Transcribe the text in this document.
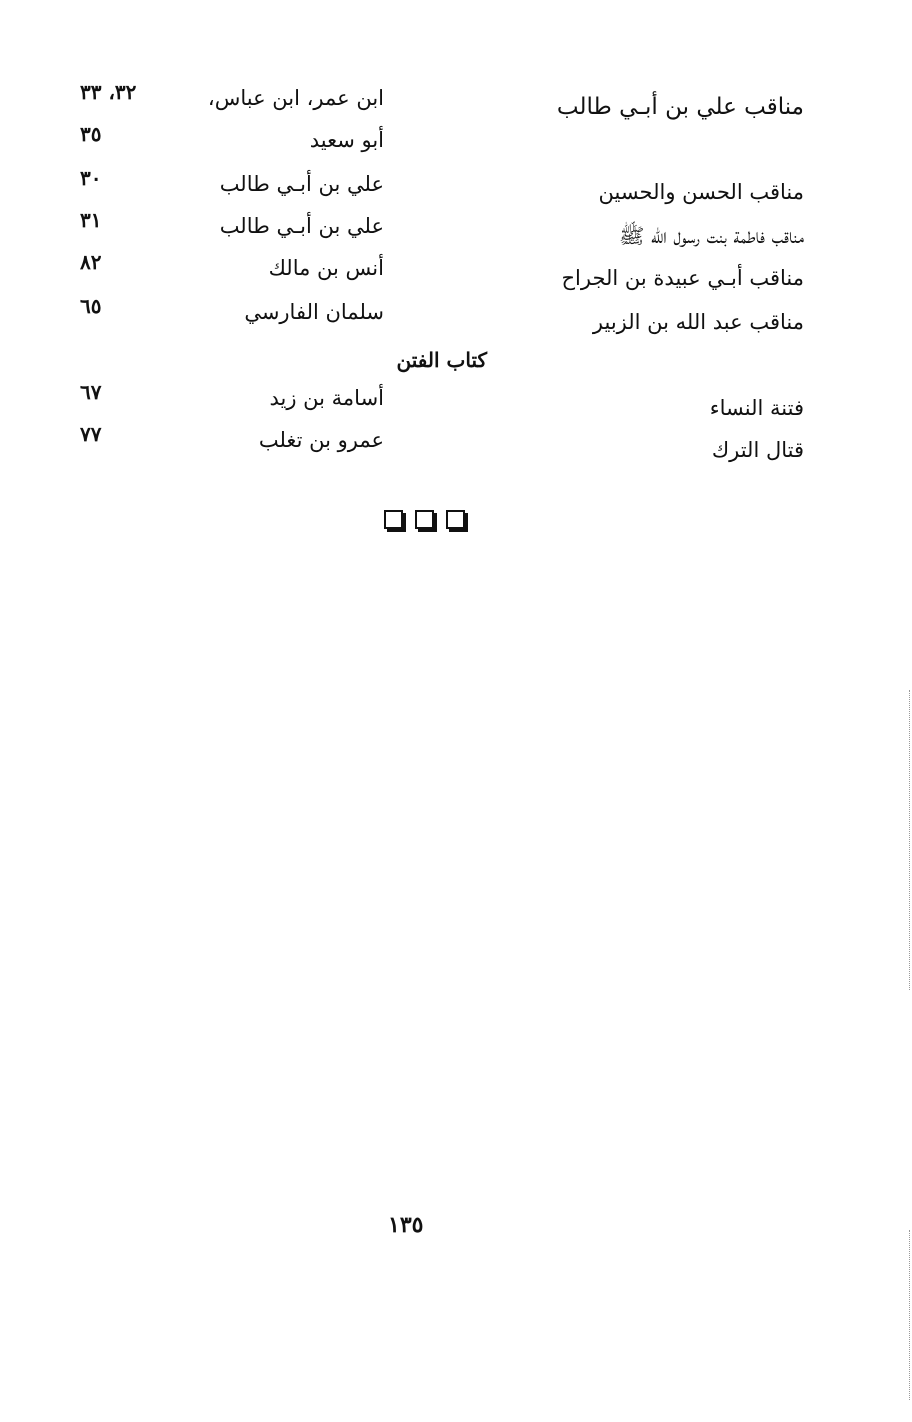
ابن عمر، ابن عباس،
٣٢، ٣٣
مناقب علي بن أبـي طالب
أبو سعيد
٣٥
علي بن أبـي طالب
٣٠
مناقب الحسن والحسين
علي بن أبـي طالب
٣١
مناقب فاطمة بنت رسول الله ﷺ
أنس بن مالك
٨٢
مناقب أبـي عبيدة بن الجراح
سلمان الفارسي
٦٥
مناقب عبد الله بن الزبير
كتاب الفتن
أسامة بن زيد
٦٧
فتنة النساء
عمرو بن تغلب
٧٧
قتال الترك
١٣٥
